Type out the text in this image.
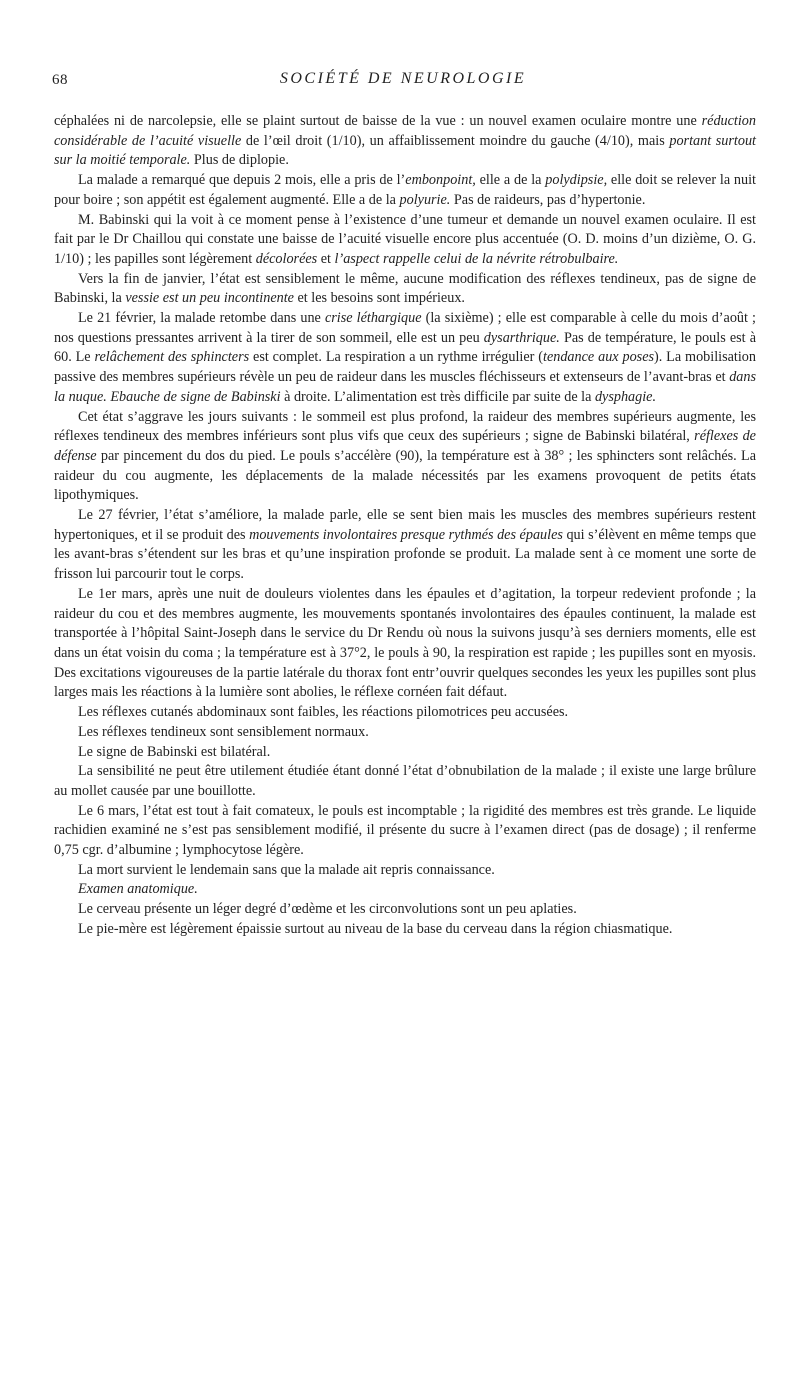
68	SOCIÉTÉ DE NEUROLOGIE

céphalées ni de narcolepsie, elle se plaint surtout de baisse de la vue : un nouvel examen oculaire montre une réduction considérable de l’acuité visuelle de l’œil droit (1/10), un affaiblissement moindre du gauche (4/10), mais portant surtout sur la moitié temporale. Plus de diplopie.

La malade a remarqué que depuis 2 mois, elle a pris de l’embonpoint, elle a de la polydipsie, elle doit se relever la nuit pour boire ; son appétit est également augmenté. Elle a de la polyurie. Pas de raideurs, pas d’hypertonie.

M. Babinski qui la voit à ce moment pense à l’existence d’une tumeur et demande un nouvel examen oculaire. Il est fait par le Dr Chaillou qui constate une baisse de l’acuité visuelle encore plus accentuée (O. D. moins d’un dizième, O. G. 1/10) ; les papilles sont légèrement décolorées et l’aspect rappelle celui de la névrite rétrobulbaire.

Vers la fin de janvier, l’état est sensiblement le même, aucune modification des réflexes tendineux, pas de signe de Babinski, la vessie est un peu incontinente et les besoins sont impérieux.

Le 21 février, la malade retombe dans une crise léthargique (la sixième) ; elle est comparable à celle du mois d’août ; nos questions pressantes arrivent à la tirer de son sommeil, elle est un peu dysarthrique. Pas de température, le pouls est à 60. Le relâchement des sphincters est complet. La respiration a un rythme irrégulier (tendance aux poses). La mobilisation passive des membres supérieurs révèle un peu de raideur dans les muscles fléchisseurs et extenseurs de l’avant-bras et dans la nuque. Ebauche de signe de Babinski à droite. L’alimentation est très difficile par suite de la dysphagie.

Cet état s’aggrave les jours suivants : le sommeil est plus profond, la raideur des membres supérieurs augmente, les réflexes tendineux des membres inférieurs sont plus vifs que ceux des supérieurs ; signe de Babinski bilatéral, réflexes de défense par pincement du dos du pied. Le pouls s’accélère (90), la température est à 38° ; les sphincters sont relâchés. La raideur du cou augmente, les déplacements de la malade nécessités par les examens provoquent de petits états lipothymiques.

Le 27 février, l’état s’améliore, la malade parle, elle se sent bien mais les muscles des membres supérieurs restent hypertoniques, et il se produit des mouvements involontaires presque rythmés des épaules qui s’élèvent en même temps que les avant-bras s’étendent sur les bras et qu’une inspiration profonde se produit. La malade sent à ce moment une sorte de frisson lui parcourir tout le corps.

Le 1er mars, après une nuit de douleurs violentes dans les épaules et d’agitation, la torpeur redevient profonde ; la raideur du cou et des membres augmente, les mouvements spontanés involontaires des épaules continuent, la malade est transportée à l’hôpital Saint-Joseph dans le service du Dr Rendu où nous la suivons jusqu’à ses derniers moments, elle est dans un état voisin du coma ; la température est à 37°2, le pouls à 90, la respiration est rapide ; les pupilles sont en myosis. Des excitations vigoureuses de la partie latérale du thorax font entr’ouvrir quelques secondes les yeux les pupilles sont plus larges mais les réactions à la lumière sont abolies, le réflexe cornéen fait défaut.

Les réflexes cutanés abdominaux sont faibles, les réactions pilomotrices peu accusées.

Les réflexes tendineux sont sensiblement normaux.

Le signe de Babinski est bilatéral.

La sensibilité ne peut être utilement étudiée étant donné l’état d’obnubilation de la malade ; il existe une large brûlure au mollet causée par une bouillotte.

Le 6 mars, l’état est tout à fait comateux, le pouls est incomptable ; la rigidité des membres est très grande. Le liquide rachidien examiné ne s’est pas sensiblement modifié, il présente du sucre à l’examen direct (pas de dosage) ; il renferme 0,75 cgr. d’albumine ; lymphocytose légère.

La mort survient le lendemain sans que la malade ait repris connaissance.

Examen anatomique.

Le cerveau présente un léger degré d’œdème et les circonvolutions sont un peu aplaties.

Le pie-mère est légèrement épaissie surtout au niveau de la base du cerveau dans la région chiasmatique.
